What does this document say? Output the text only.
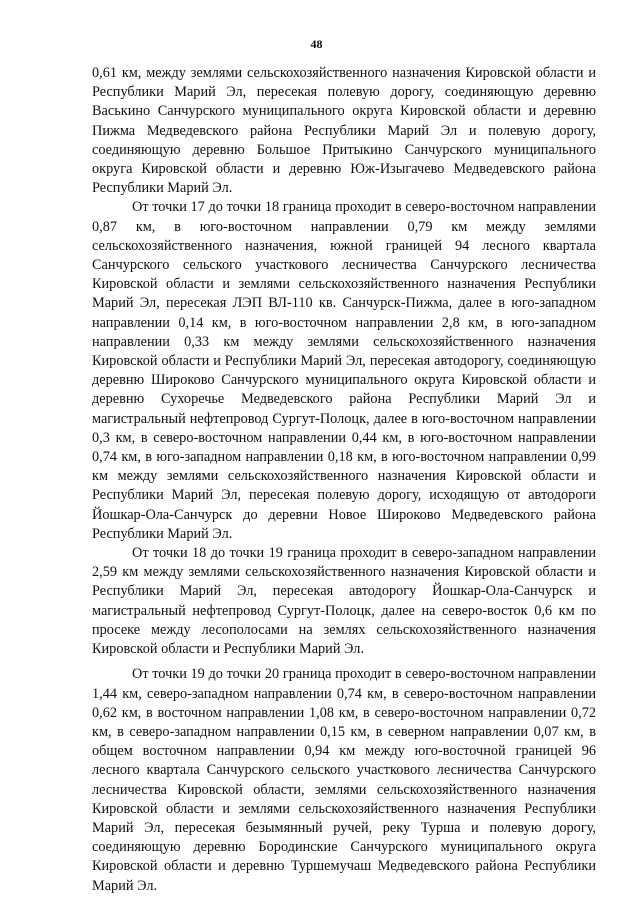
48

0,61 км, между землями сельскохозяйственного назначения Кировской области и Республики Марий Эл, пересекая полевую дорогу, соединяющую деревню Васькино Санчурского муниципального округа Кировской области и деревню Пижма Медведевского района Республики Марий Эл и полевую дорогу, соединяющую деревню Большое Притыкино Санчурского муниципального округа Кировской области и деревню Юж-Изыгачево Медведевского района Республики Марий Эл.

От точки 17 до точки 18 граница проходит в северо-восточном направлении 0,87 км, в юго-восточном направлении 0,79 км между землями сельскохозяйственного назначения, южной границей 94 лесного квартала Санчурского сельского участкового лесничества Санчурского лесничества Кировской области и землями сельскохозяйственного назначения Республики Марий Эл, пересекая ЛЭП ВЛ-110 кв. Санчурск-Пижма, далее в юго-западном направлении 0,14 км, в юго-восточном направлении 2,8 км, в юго-западном направлении 0,33 км между землями сельскохозяйственного назначения Кировской области и Республики Марий Эл, пересекая автодорогу, соединяющую деревню Широково Санчурского муниципального округа Кировской области и деревню Сухоречье Медведевского района Республики Марий Эл и магистральный нефтепровод Сургут-Полоцк, далее в юго-восточном направлении 0,3 км, в северо-восточном направлении 0,44 км, в юго-восточном направлении 0,74 км, в юго-западном направлении 0,18 км, в юго-восточном направлении 0,99 км между землями сельскохозяйственного назначения Кировской области и Республики Марий Эл, пересекая полевую дорогу, исходящую от автодороги Йошкар-Ола-Санчурск до деревни Новое Широково Медведевского района Республики Марий Эл.

От точки 18 до точки 19 граница проходит в северо-западном направлении 2,59 км между землями сельскохозяйственного назначения Кировской области и Республики Марий Эл, пересекая автодорогу Йошкар-Ола-Санчурск и магистральный нефтепровод Сургут-Полоцк, далее на северо-восток 0,6 км по просеке между лесополосами на землях сельскохозяйственного назначения Кировской области и Республики Марий Эл.

От точки 19 до точки 20 граница проходит в северо-восточном направлении 1,44 км, северо-западном направлении 0,74 км, в северо-восточном направлении 0,62 км, в восточном направлении 1,08 км, в северо-восточном направлении 0,72 км, в северо-западном направлении 0,15 км, в северном направлении 0,07 км, в общем восточном направлении 0,94 км между юго-восточной границей 96 лесного квартала Санчурского сельского участкового лесничества Санчурского лесничества Кировской области, землями сельскохозяйственного назначения Кировской области и землями сельскохозяйственного назначения Республики Марий Эл, пересекая безымянный ручей, реку Турша и полевую дорогу, соединяющую деревню Бородинские Санчурского муниципального округа Кировской области и деревню Туршемучаш Медведевского района Республики Марий Эл.
